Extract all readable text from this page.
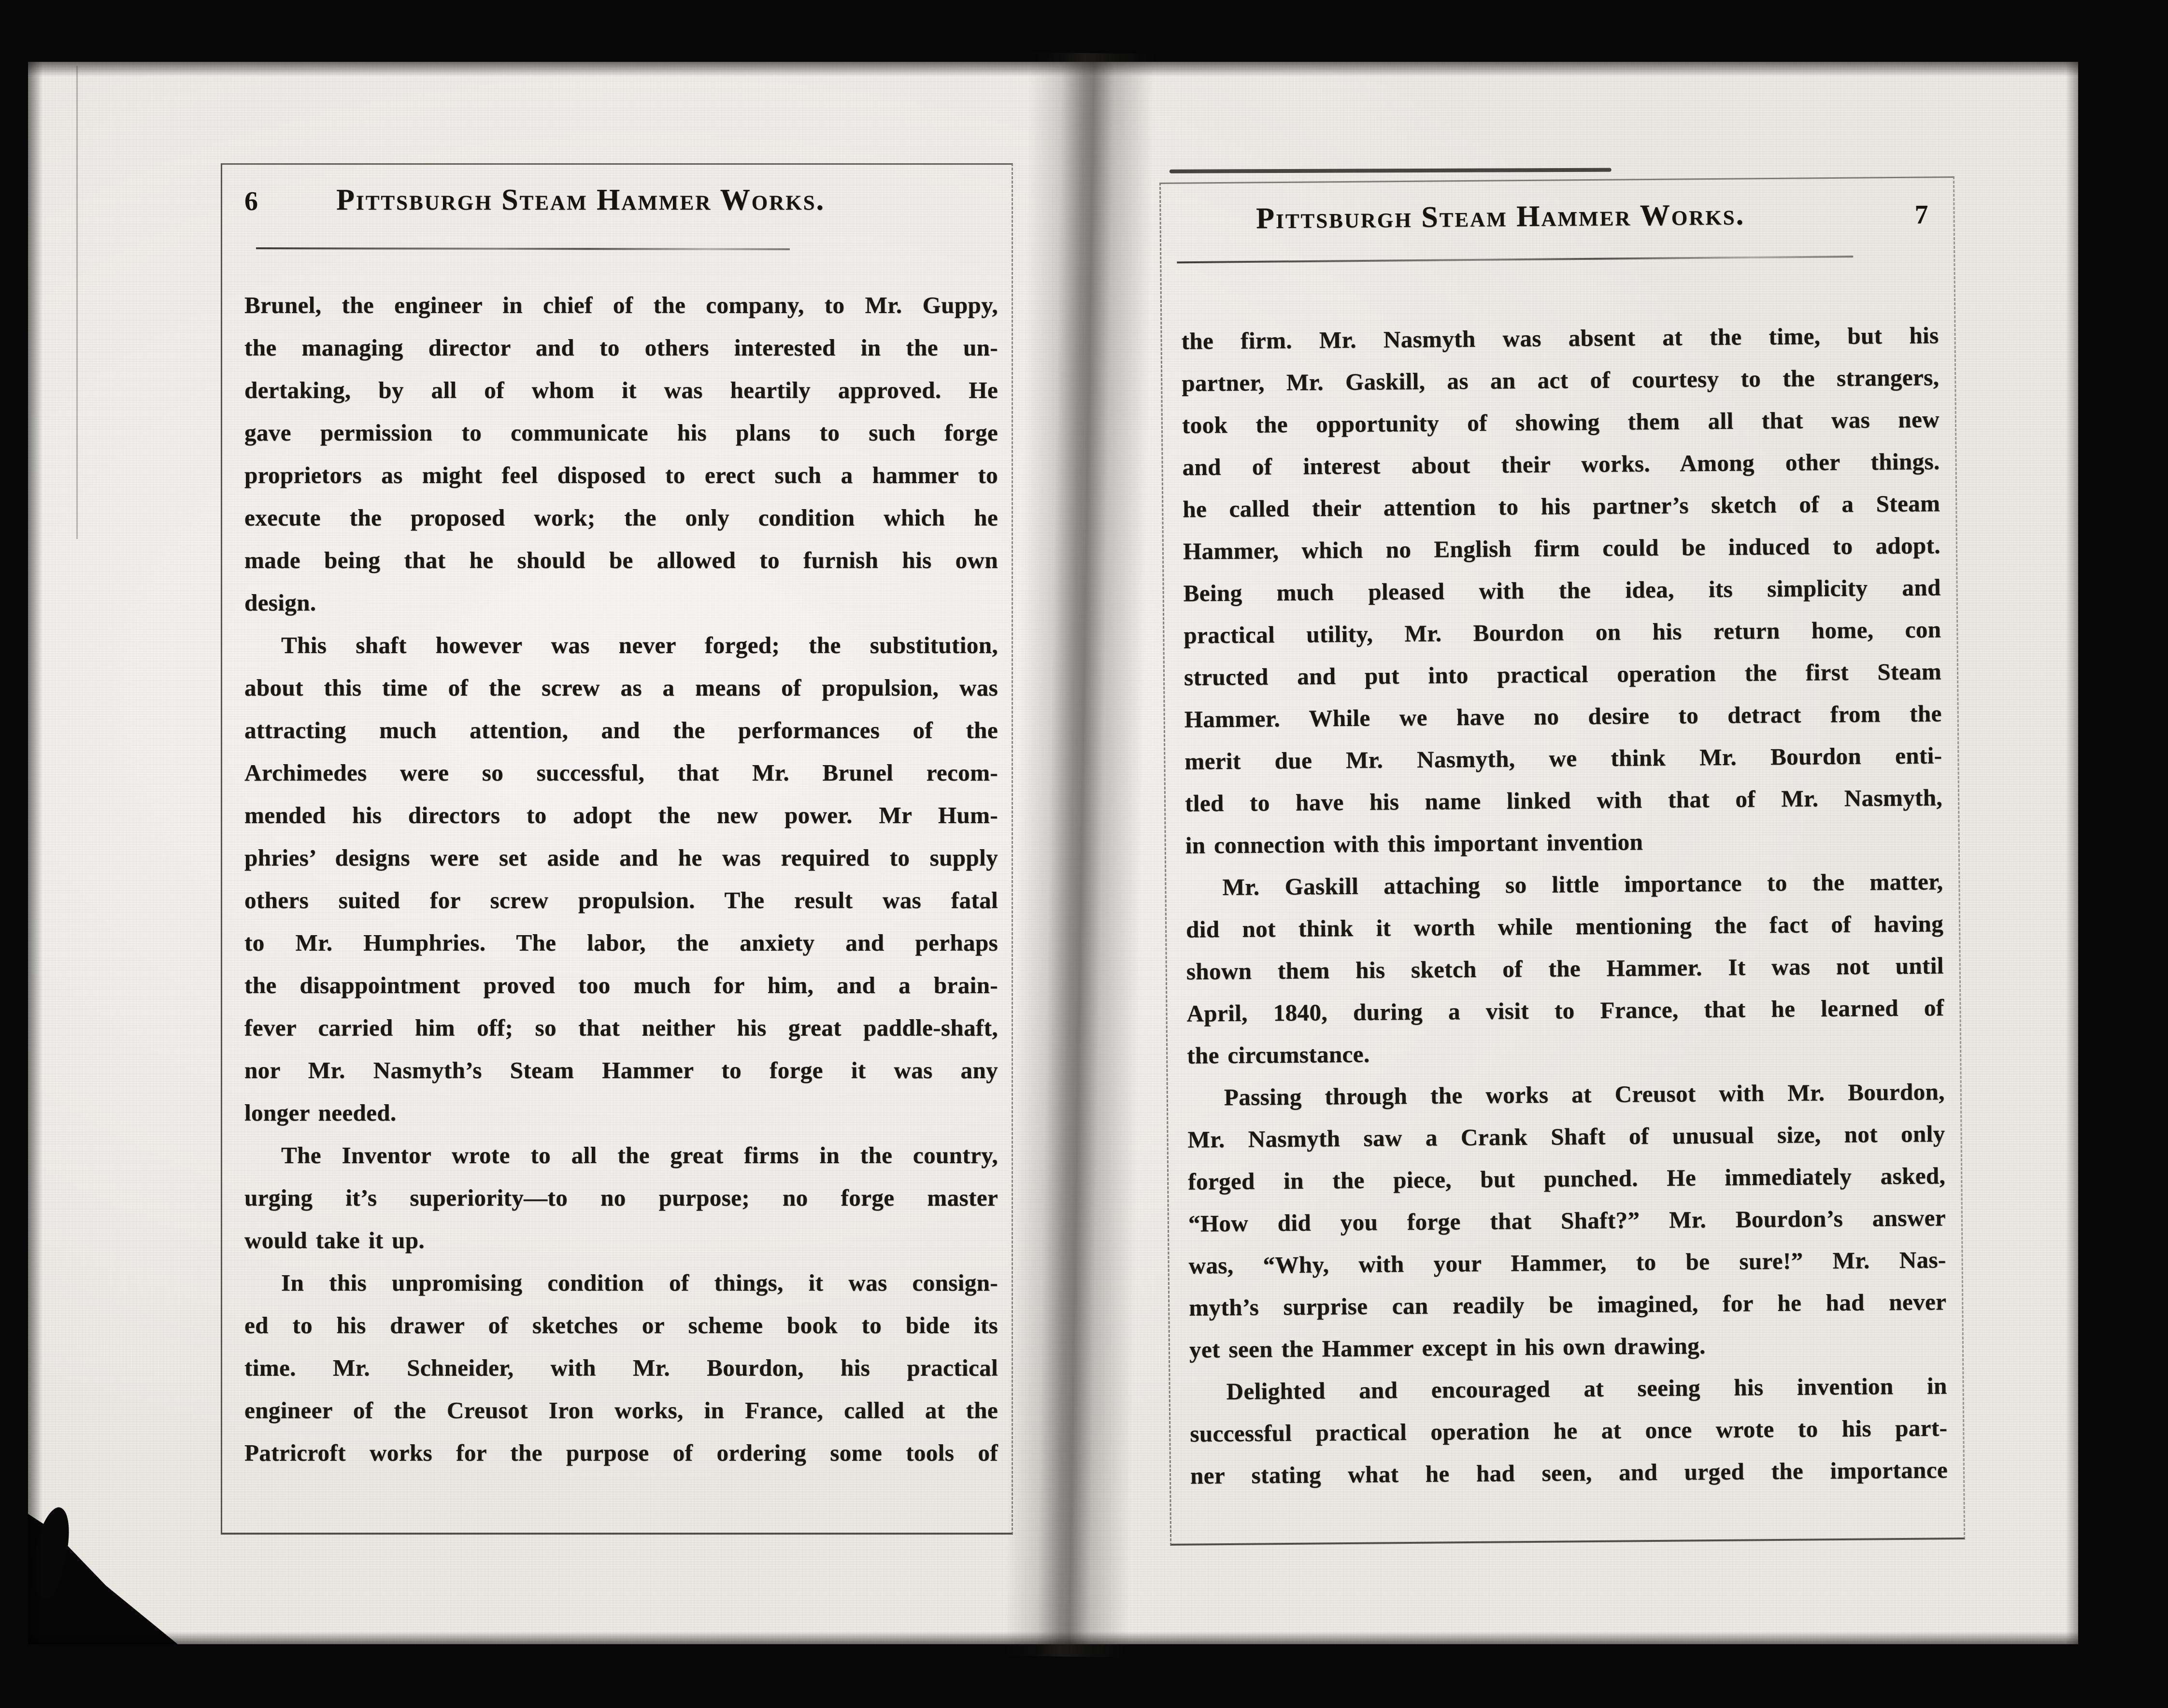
6	Pittsburgh Steam Hammer Works.
Brunel, the engineer in chief of the company, to Mr. Guppy,
the managing director and to others interested in the un-
dertaking, by all of whom it was heartily approved. He
gave permission to communicate his plans to such forge
proprietors as might feel disposed to erect such a hammer to
execute the proposed work; the only condition which he
made being that he should be allowed to furnish his own
design.
This shaft however was never forged; the substitution,
about this time of the screw as a means of propulsion, was
attracting much attention, and the performances of the
Archimedes were so successful, that Mr. Brunel recom-
mended his directors to adopt the new power. Mr Hum-
phries’ designs were set aside and he was required to supply
others suited for screw propulsion. The result was fatal
to Mr. Humphries. The labor, the anxiety and perhaps
the disappointment proved too much for him, and a brain-
fever carried him off; so that neither his great paddle-shaft,
nor Mr. Nasmyth’s Steam Hammer to forge it was any
longer needed.
The Inventor wrote to all the great firms in the country,
urging it’s superiority—to no purpose; no forge master
would take it up.
In this unpromising condition of things, it was consign-
ed to his drawer of sketches or scheme book to bide its
time. Mr. Schneider, with Mr. Bourdon, his practical
engineer of the Creusot Iron works, in France, called at the
Patricroft works for the purpose of ordering some tools of
Pittsburgh Steam Hammer Works.	7
the firm. Mr. Nasmyth was absent at the time, but his
partner, Mr. Gaskill, as an act of courtesy to the strangers,
took the opportunity of showing them all that was new
and of interest about their works. Among other things.
he called their attention to his partner’s sketch of a Steam
Hammer, which no English firm could be induced to adopt.
Being much pleased with the idea, its simplicity and
practical utility, Mr. Bourdon on his return home, con
structed and put into practical operation the first Steam
Hammer. While we have no desire to detract from the
merit due Mr. Nasmyth, we think Mr. Bourdon enti-
tled to have his name linked with that of Mr. Nasmyth,
in connection with this important invention
Mr. Gaskill attaching so little importance to the matter,
did not think it worth while mentioning the fact of having
shown them his sketch of the Hammer. It was not until
April, 1840, during a visit to France, that he learned of
the circumstance.
Passing through the works at Creusot with Mr. Bourdon,
Mr. Nasmyth saw a Crank Shaft of unusual size, not only
forged in the piece, but punched. He immediately asked,
“How did you forge that Shaft?” Mr. Bourdon’s answer
was, “Why, with your Hammer, to be sure!” Mr. Nas-
myth’s surprise can readily be imagined, for he had never
yet seen the Hammer except in his own drawing.
Delighted and encouraged at seeing his invention in
successful practical operation he at once wrote to his part-
ner stating what he had seen, and urged the importance
